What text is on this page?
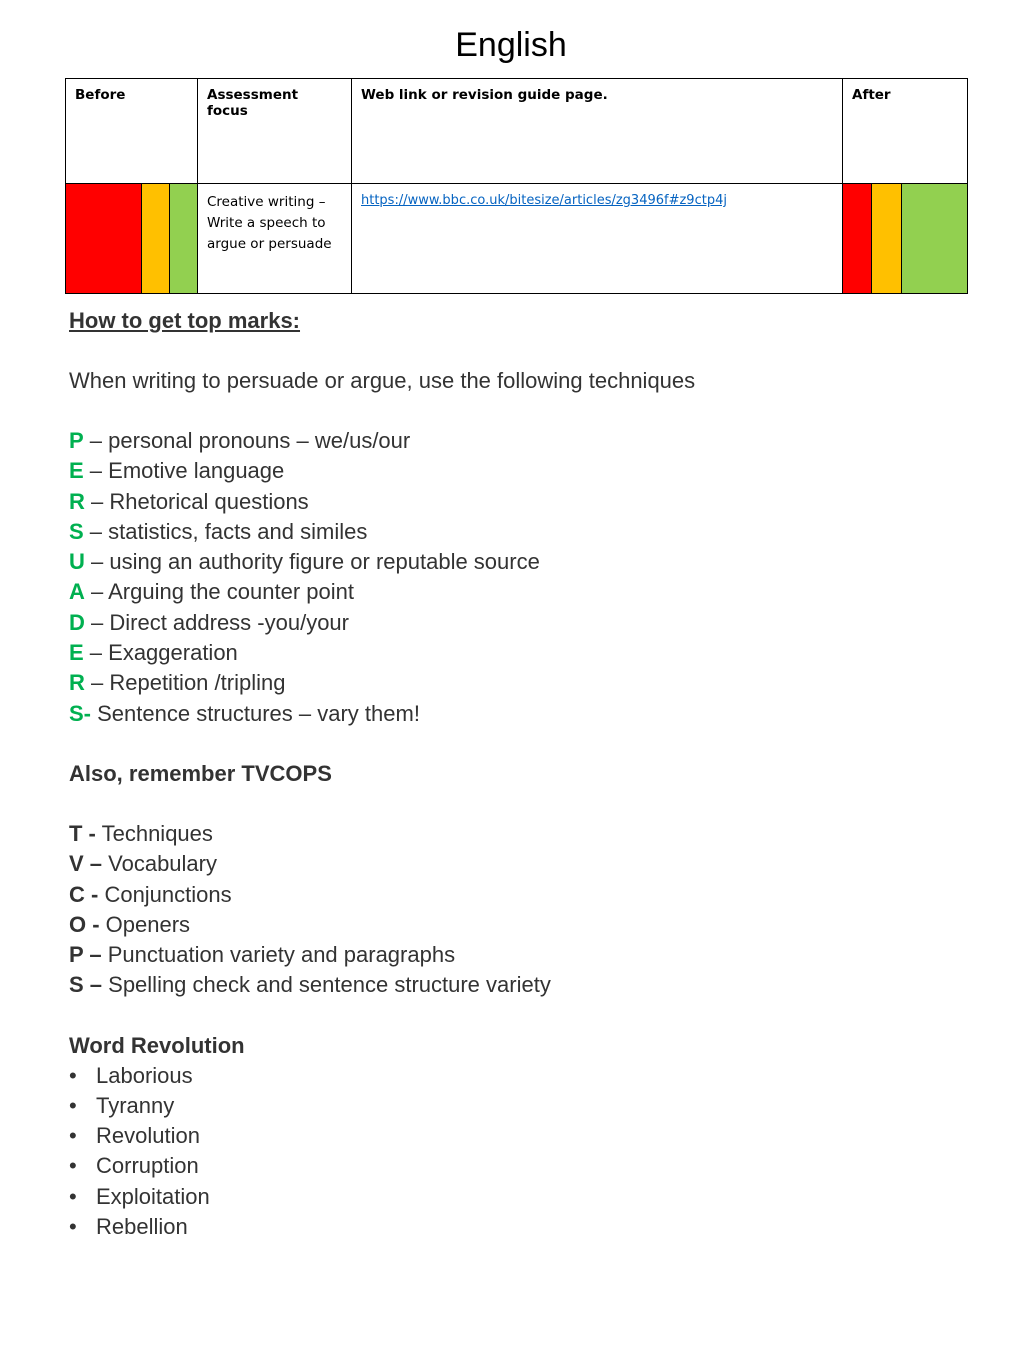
English
Before			Assessment focus	Web link or revision guide page.	After		

			Creative writing – Write a speech to argue or persuade	https://www.bbc.co.uk/bitesize/articles/zg3496f#z9ctp4j			

How to get top marks:

When writing to persuade or argue, use the following techniques

P – personal pronouns – we/us/our
E – Emotive language
R – Rhetorical questions
S – statistics, facts and similes
U – using an authority figure or reputable source
A – Arguing the counter point
D – Direct address -you/your
E – Exaggeration
R – Repetition /tripling
S- Sentence structures – vary them!

Also, remember TVCOPS

T - Techniques
V – Vocabulary
C - Conjunctions
O - Openers
P – Punctuation variety and paragraphs
S – Spelling check and sentence structure variety

Word Revolution

• Laborious
• Tyranny
• Revolution
• Corruption
• Exploitation
• Rebellion
